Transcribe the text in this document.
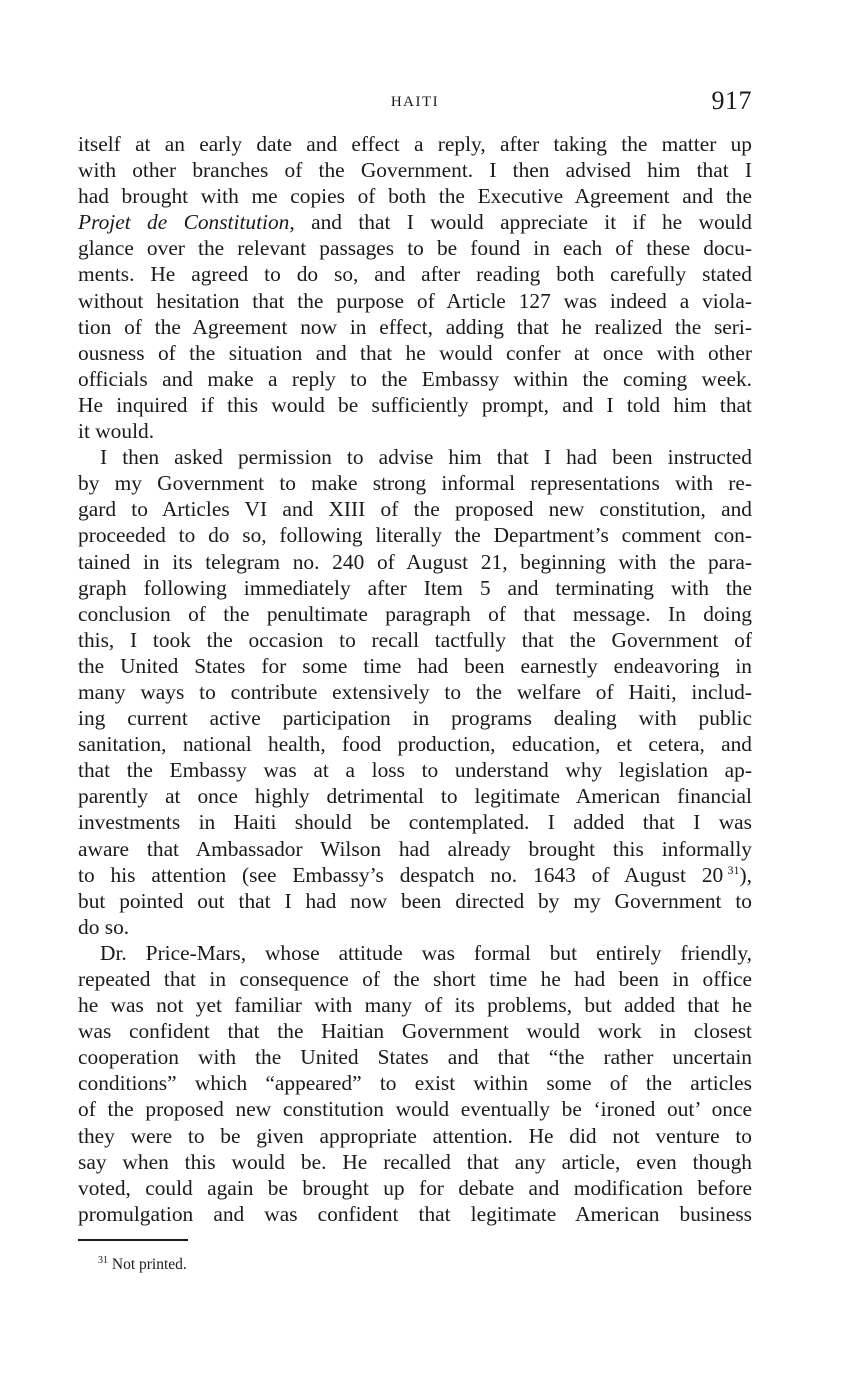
HAITI	917
itself at an early date and effect a reply, after taking the matter up
with other branches of the Government. I then advised him that I
had brought with me copies of both the Executive Agreement and the
Projet de Constitution, and that I would appreciate it if he would
glance over the relevant passages to be found in each of these docu-
ments. He agreed to do so, and after reading both carefully stated
without hesitation that the purpose of Article 127 was indeed a viola-
tion of the Agreement now in effect, adding that he realized the seri-
ousness of the situation and that he would confer at once with other
officials and make a reply to the Embassy within the coming week.
He inquired if this would be sufficiently prompt, and I told him that
it would.
I then asked permission to advise him that I had been instructed
by my Government to make strong informal representations with re-
gard to Articles VI and XIII of the proposed new constitution, and
proceeded to do so, following literally the Department’s comment con-
tained in its telegram no. 240 of August 21, beginning with the para-
graph following immediately after Item 5 and terminating with the
conclusion of the penultimate paragraph of that message. In doing
this, I took the occasion to recall tactfully that the Government of
the United States for some time had been earnestly endeavoring in
many ways to contribute extensively to the welfare of Haiti, includ-
ing current active participation in programs dealing with public
sanitation, national health, food production, education, et cetera, and
that the Embassy was at a loss to understand why legislation ap-
parently at once highly detrimental to legitimate American financial
investments in Haiti should be contemplated. I added that I was
aware that Ambassador Wilson had already brought this informally
to his attention (see Embassy’s despatch no. 1643 of August 20  $^{31}$),
but pointed out that I had now been directed by my Government to
do so.
Dr. Price-Mars, whose attitude was formal but entirely friendly,
repeated that in consequence of the short time he had been in office
he was not yet familiar with many of its problems, but added that he
was confident that the Haitian Government would work in closest
cooperation with the United States and that “the rather uncertain
conditions” which “appeared” to exist within some of the articles
of the proposed new constitution would eventually be ‘ironed out’ once
they were to be given appropriate attention. He did not venture to
say when this would be. He recalled that any article, even though
voted, could again be brought up for debate and modification before
promulgation and was confident that legitimate American business
$^{31}$ Not printed.
